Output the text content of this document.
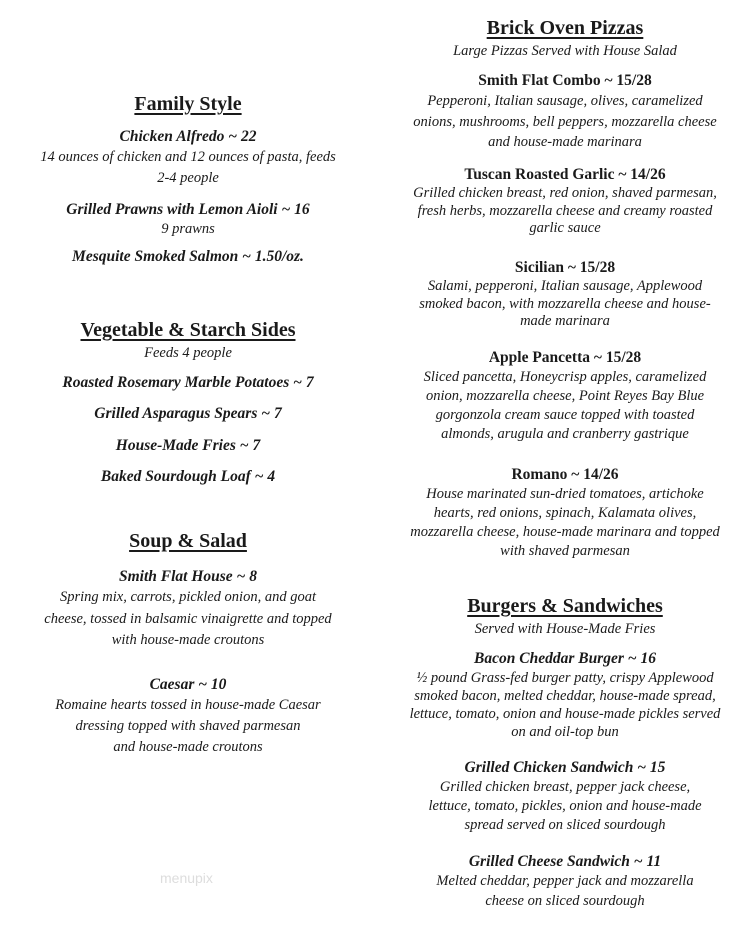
Family Style
Chicken Alfredo ~ 22
14 ounces of chicken and 12 ounces of pasta, feeds
2-4 people
Grilled Prawns with Lemon Aioli ~ 16
9 prawns
Mesquite Smoked Salmon ~ 1.50/oz.
Vegetable & Starch Sides
Feeds 4 people
Roasted Rosemary Marble Potatoes ~ 7
Grilled Asparagus Spears ~ 7
House-Made Fries ~ 7
Baked Sourdough Loaf ~ 4
Soup & Salad
Smith Flat House ~ 8
Spring mix, carrots, pickled onion, and goat
cheese, tossed in balsamic vinaigrette and topped
with house-made croutons
Caesar ~ 10
Romaine hearts tossed in house-made Caesar
dressing topped with shaved parmesan
and house-made croutons
Brick Oven Pizzas
Large Pizzas Served with House Salad
Smith Flat Combo ~ 15/28
Pepperoni, Italian sausage, olives, caramelized
onions, mushrooms, bell peppers, mozzarella cheese
and house-made marinara
Tuscan Roasted Garlic ~ 14/26
Grilled chicken breast, red onion, shaved parmesan,
fresh herbs, mozzarella cheese and creamy roasted
garlic sauce
Sicilian ~ 15/28
Salami, pepperoni, Italian sausage, Applewood
smoked bacon, with mozzarella cheese and house-
made marinara
Apple Pancetta ~ 15/28
Sliced pancetta, Honeycrisp apples, caramelized
onion, mozzarella cheese, Point Reyes Bay Blue
gorgonzola cream sauce topped with toasted
almonds, arugula and cranberry gastrique
Romano ~ 14/26
House marinated sun-dried tomatoes, artichoke
hearts, red onions, spinach, Kalamata olives,
mozzarella cheese, house-made marinara and topped
with shaved parmesan
Burgers & Sandwiches
Served with House-Made Fries
Bacon Cheddar Burger ~ 16
½ pound Grass-fed burger patty, crispy Applewood
smoked bacon, melted cheddar, house-made spread,
lettuce, tomato, onion and house-made pickles served
on and oil-top bun
Grilled Chicken Sandwich ~ 15
Grilled chicken breast, pepper jack cheese,
lettuce, tomato, pickles, onion and house-made
spread served on sliced sourdough
Grilled Cheese Sandwich ~ 11
Melted cheddar, pepper jack and mozzarella
cheese on sliced sourdough
menupix
